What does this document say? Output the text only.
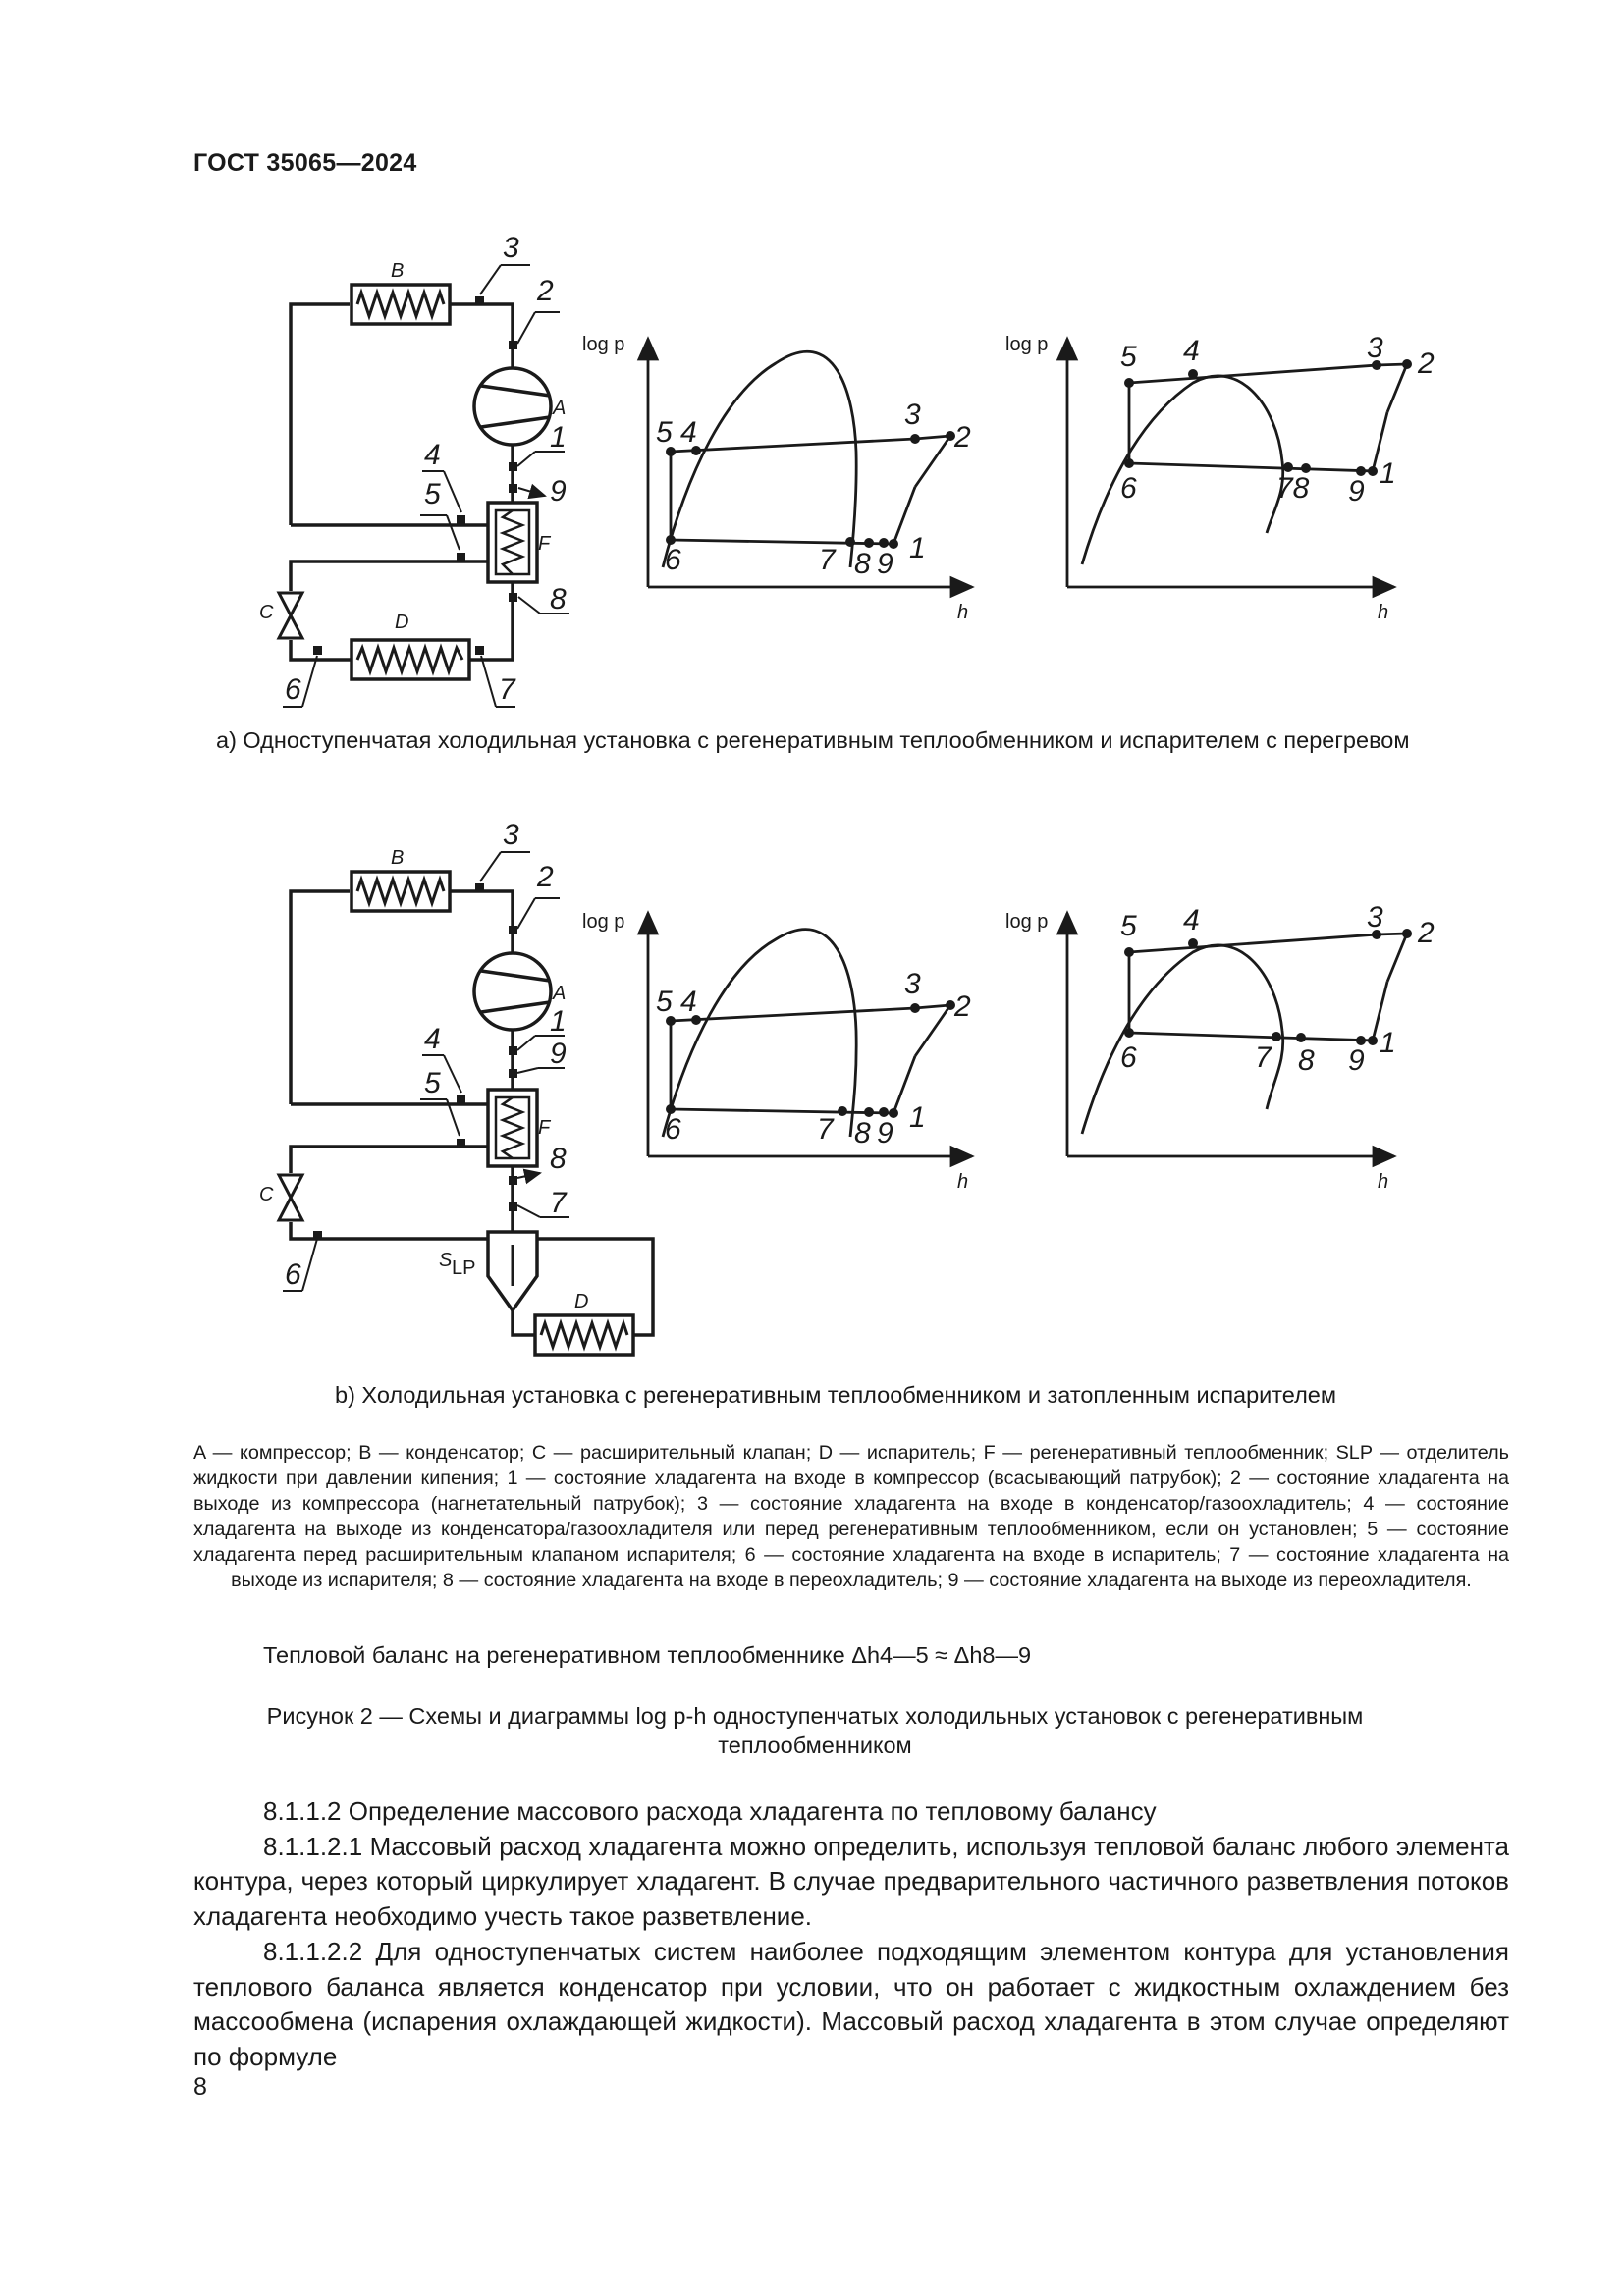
ГОСТ 35065—2024
B
A
F
D
C
3
2
1
9
4
5
8
7
6
log p
h
5 4
3
2
6	7 8 9 1
log p
h
5 4	3 2
6	78 9
1
а) Одноступенчатая холодильная установка с регенеративным теплообменником и испарителем с перегревом
B
A
F
D
C
S LP
3
2
1
9
4
5
8
7
6
log p
h
5 4
3
2
6	7 8 9 1
log p
h
5 4	3 2
6	7 8 9
1
b) Холодильная установка с регенеративным теплообменником и затопленным испарителем
A — компрессор; B — конденсатор; C — расширительный клапан; D — испаритель; F — регенеративный теплообменник; SLP — отделитель жидкости при давлении кипения; 1 — состояние хладагента на входе в компрессор (всасывающий патрубок); 2 — состояние хладагента на выходе из компрессора (нагнетательный патрубок); 3 — состояние хладагента на входе в конденсатор/газоохладитель; 4 — состояние хладагента на выходе из конденсатора/газоохладителя или перед регенеративным теплообменником, если он установлен; 5 — состояние хладагента перед расширительным клапаном испарителя; 6 — состояние хладагента на входе в испаритель; 7 — состояние хладагента на выходе из испарителя; 8 — состояние хладагента на входе в переохладитель; 9 — состояние хладагента на выходе из переохладителя.
Тепловой баланс на регенеративном теплообменнике Δh4—5 ≈ Δh8—9
Рисунок 2 — Схемы и диаграммы log p-h одноступенчатых холодильных установок с регенеративным теплообменником

8.1.1.2 Определение массового расхода хладагента по тепловому балансу

8.1.1.2.1 Массовый расход хладагента можно определить, используя тепловой баланс любого элемента контура, через который циркулирует хладагент. В случае предварительного частичного разветвления потоков хладагента необходимо учесть такое разветвление.

8.1.1.2.2 Для одноступенчатых систем наиболее подходящим элементом контура для установления теплового баланса является конденсатор при условии, что он работает с жидкостным охлаждением без массообмена (испарения охлаждающей жидкости). Массовый расход хладагента в этом случае определяют по формуле

8
